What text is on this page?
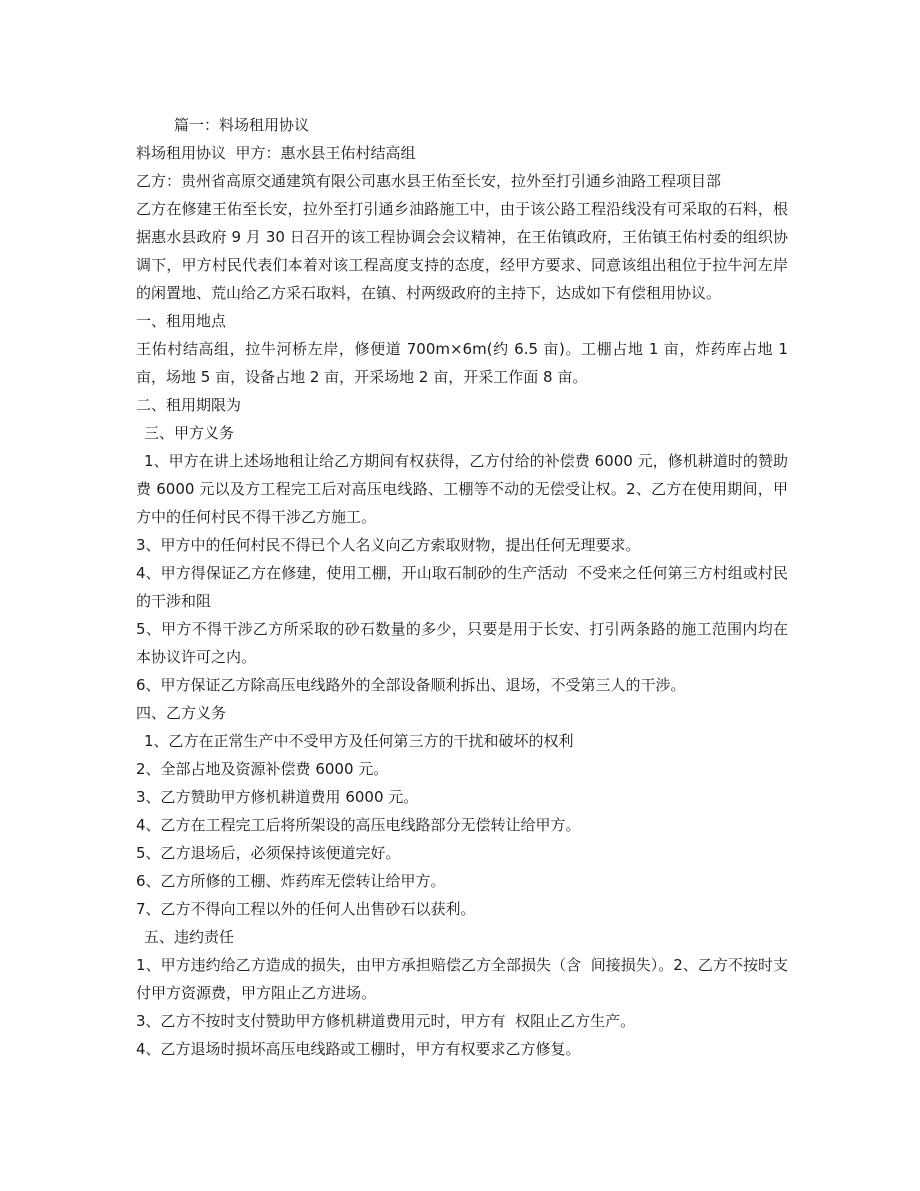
篇一：料场租用协议

料场租用协议  甲方：惠水县王佑村结高组

乙方：贵州省高原交通建筑有限公司惠水县王佑至长安，拉外至打引通乡油路工程项目部

乙方在修建王佑至长安，拉外至打引通乡油路施工中，由于该公路工程沿线没有可采取的石料，根据惠水县政府 9 月 30 日召开的该工程协调会会议精神，在王佑镇政府，王佑镇王佑村委的组织协调下，甲方村民代表们本着对该工程高度支持的态度，经甲方要求、同意该组出租位于拉牛河左岸的闲置地、荒山给乙方采石取料，在镇、村两级政府的主持下，达成如下有偿租用协议。

一、租用地点

王佑村结高组，拉牛河桥左岸，修便道 700m×6m(约 6.5 亩)。工棚占地 1 亩，炸药库占地 1 亩，场地 5 亩，设备占地 2 亩，开采场地 2 亩，开采工作面 8 亩。

二、租用期限为

三、甲方义务

1、甲方在讲上述场地租让给乙方期间有权获得，乙方付给的补偿费 6000 元，修机耕道时的赞助费 6000 元以及方工程完工后对高压电线路、工棚等不动的无偿受让权。2、乙方在使用期间，甲方中的任何村民不得干涉乙方施工。

3、甲方中的任何村民不得已个人名义向乙方索取财物，提出任何无理要求。

4、甲方得保证乙方在修建，使用工棚，开山取石制砂的生产活动  不受来之任何第三方村组或村民的干涉和阻

5、甲方不得干涉乙方所采取的砂石数量的多少，只要是用于长安、打引两条路的施工范围内均在本协议许可之内。

6、甲方保证乙方除高压电线路外的全部设备顺利拆出、退场，不受第三人的干涉。

四、乙方义务

1、乙方在正常生产中不受甲方及任何第三方的干扰和破坏的权利

2、全部占地及资源补偿费 6000 元。

3、乙方赞助甲方修机耕道费用 6000 元。

4、乙方在工程完工后将所架设的高压电线路部分无偿转让给甲方。

5、乙方退场后，必须保持该便道完好。

6、乙方所修的工棚、炸药库无偿转让给甲方。

7、乙方不得向工程以外的任何人出售砂石以获利。

五、违约责任

1、甲方违约给乙方造成的损失，由甲方承担赔偿乙方全部损失（含  间接损失）。2、乙方不按时支付甲方资源费，甲方阻止乙方进场。

3、乙方不按时支付赞助甲方修机耕道费用元时，甲方有  权阻止乙方生产。

4、乙方退场时损坏高压电线路或工棚时，甲方有权要求乙方修复。
